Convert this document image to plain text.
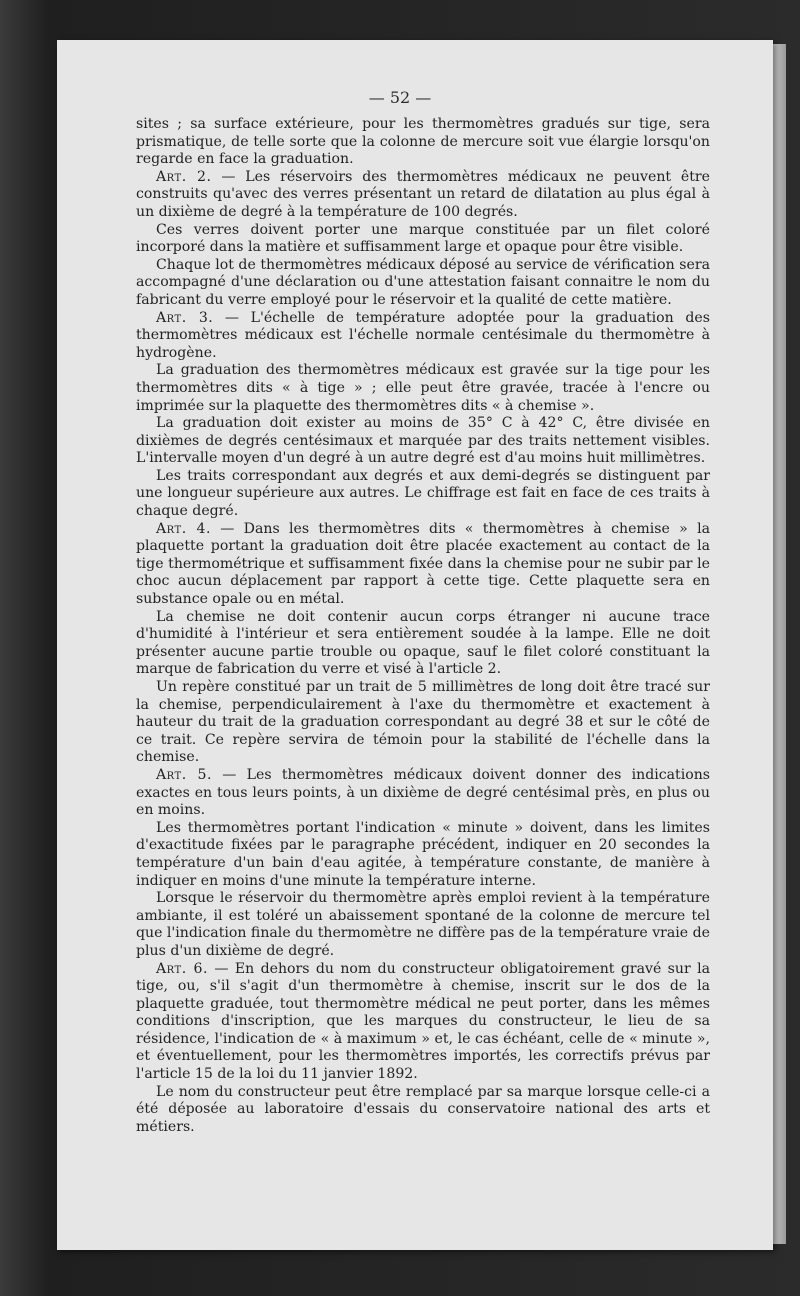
— 52 —

sites ; sa surface extérieure, pour les thermomètres gradués sur tige, sera prismatique, de telle sorte que la colonne de mercure soit vue élargie lorsqu'on regarde en face la graduation.

Art. 2. — Les réservoirs des thermomètres médicaux ne peuvent être construits qu'avec des verres présentant un retard de dilatation au plus égal à un dixième de degré à la température de 100 degrés.

Ces verres doivent porter une marque constituée par un filet coloré incorporé dans la matière et suffisamment large et opaque pour être visible.

Chaque lot de thermomètres médicaux déposé au service de vérification sera accompagné d'une déclaration ou d'une attestation faisant connaitre le nom du fabricant du verre employé pour le réservoir et la qualité de cette matière.

Art. 3. — L'échelle de température adoptée pour la graduation des thermomètres médicaux est l'échelle normale centésimale du thermomètre à hydrogène.

La graduation des thermomètres médicaux est gravée sur la tige pour les thermomètres dits « à tige » ; elle peut être gravée, tracée à l'encre ou imprimée sur la plaquette des thermomètres dits « à chemise ».

La graduation doit exister au moins de 35° C à 42° C, être divisée en dixièmes de degrés centésimaux et marquée par des traits nettement visibles. L'intervalle moyen d'un degré à un autre degré est d'au moins huit millimètres.

Les traits correspondant aux degrés et aux demi-degrés se distinguent par une longueur supérieure aux autres. Le chiffrage est fait en face de ces traits à chaque degré.

Art. 4. — Dans les thermomètres dits « thermomètres à chemise » la plaquette portant la graduation doit être placée exactement au contact de la tige thermométrique et suffisamment fixée dans la chemise pour ne subir par le choc aucun déplacement par rapport à cette tige. Cette plaquette sera en substance opale ou en métal.

La chemise ne doit contenir aucun corps étranger ni aucune trace d'humidité à l'intérieur et sera entièrement soudée à la lampe. Elle ne doit présenter aucune partie trouble ou opaque, sauf le filet coloré constituant la marque de fabrication du verre et visé à l'article 2.

Un repère constitué par un trait de 5 millimètres de long doit être tracé sur la chemise, perpendiculairement à l'axe du thermomètre et exactement à hauteur du trait de la graduation correspondant au degré 38 et sur le côté de ce trait. Ce repère servira de témoin pour la stabilité de l'échelle dans la chemise.

Art. 5. — Les thermomètres médicaux doivent donner des indications exactes en tous leurs points, à un dixième de degré centésimal près, en plus ou en moins.

Les thermomètres portant l'indication « minute » doivent, dans les limites d'exactitude fixées par le paragraphe précédent, indiquer en 20 secondes la température d'un bain d'eau agitée, à température constante, de manière à indiquer en moins d'une minute la température interne.

Lorsque le réservoir du thermomètre après emploi revient à la température ambiante, il est toléré un abaissement spontané de la colonne de mercure tel que l'indication finale du thermomètre ne diffère pas de la température vraie de plus d'un dixième de degré.

Art. 6. — En dehors du nom du constructeur obligatoirement gravé sur la tige, ou, s'il s'agit d'un thermomètre à chemise, inscrit sur le dos de la plaquette graduée, tout thermomètre médical ne peut porter, dans les mêmes conditions d'inscription, que les marques du constructeur, le lieu de sa résidence, l'indication de « à maximum » et, le cas échéant, celle de « minute », et éventuellement, pour les thermomètres importés, les correctifs prévus par l'article 15 de la loi du 11 janvier 1892.

Le nom du constructeur peut être remplacé par sa marque lorsque celle-ci a été déposée au laboratoire d'essais du conservatoire national des arts et métiers.
